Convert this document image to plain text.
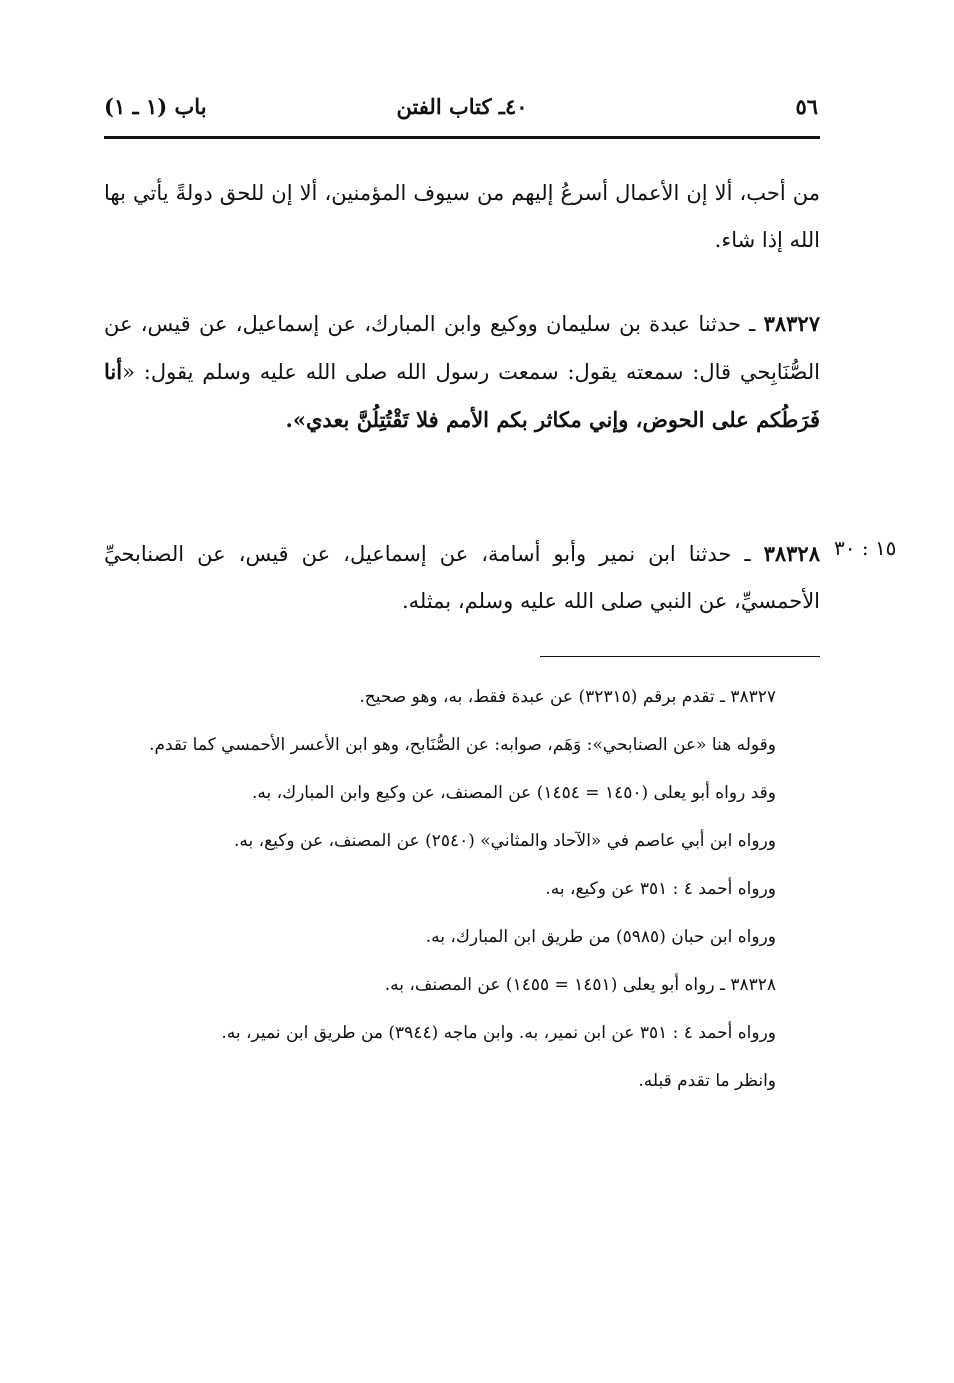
٥٦
٤٠ـ كتاب الفتن
باب (١ ـ ١)
من أحب، ألا إن الأعمال أسرعُ إليهم من سيوف المؤمنين، ألا إن للحق دولةً يأتي بها الله إذا شاء.
٣٨٣٢٧ ـ حدثنا عبدة بن سليمان ووكيع وابن المبارك، عن إسماعيل، عن قيس، عن الصُّنَابِحي قال: سمعته يقول: سمعت رسول الله صلى الله عليه وسلم يقول: «أنا فَرَطُكم على الحوض، وإني مكاثر بكم الأمم فلا تَقْتُتِلُنَّ بعدي».
٣٨٣٢٨ ـ حدثنا ابن نمير وأبو أسامة، عن إسماعيل، عن قيس، عن الصنابحيِّ الأحمسيِّ، عن النبي صلى الله عليه وسلم، بمثله.
١٥ : ٣٠

٣٨٣٢٧ ـ تقدم برقم (٣٢٣١٥) عن عبدة فقط، به، وهو صحيح.

وقوله هنا «عن الصنابحي»: وَهَم، صوابه: عن الصُّنَابح، وهو ابن الأعسر الأحمسي كما تقدم.

وقد رواه أبو يعلى (١٤٥٠ = ١٤٥٤) عن المصنف، عن وكيع وابن المبارك، به.

ورواه ابن أبي عاصم في «الآحاد والمثاني» (٢٥٤٠) عن المصنف، عن وكيع، به.

ورواه أحمد ٤ : ٣٥١ عن وكيع، به.

ورواه ابن حبان (٥٩٨٥) من طريق ابن المبارك، به.

٣٨٣٢٨ ـ رواه أبو يعلى (١٤٥١ = ١٤٥٥) عن المصنف، به.

ورواه أحمد ٤ : ٣٥١ عن ابن نمير، به. وابن ماجه (٣٩٤٤) من طريق ابن نمير، به.

وانظر ما تقدم قبله.
